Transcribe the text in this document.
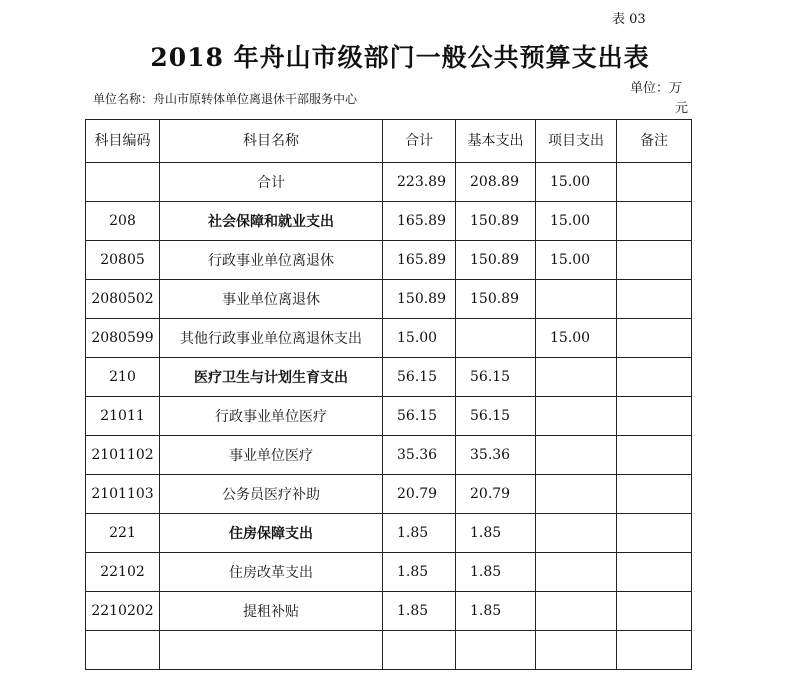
表 03
2018 年舟山市级部门一般公共预算支出表
单位名称：舟山市原转体单位离退休干部服务中心
单位：万
元
科目编码	科目名称	合计	基本支出	项目支出	备注
	合计	223.89	208.89	15.00	
208	社会保障和就业支出	165.89	150.89	15.00	
20805	行政事业单位离退休	165.89	150.89	15.00	
2080502	事业单位离退休	150.89	150.89		
2080599	其他行政事业单位离退休支出	15.00		15.00	
210	医疗卫生与计划生育支出	56.15	56.15		
21011	行政事业单位医疗	56.15	56.15		
2101102	事业单位医疗	35.36	35.36		
2101103	公务员医疗补助	20.79	20.79		
221	住房保障支出	1.85	1.85		
22102	住房改革支出	1.85	1.85		
2210202	提租补贴	1.85	1.85		
